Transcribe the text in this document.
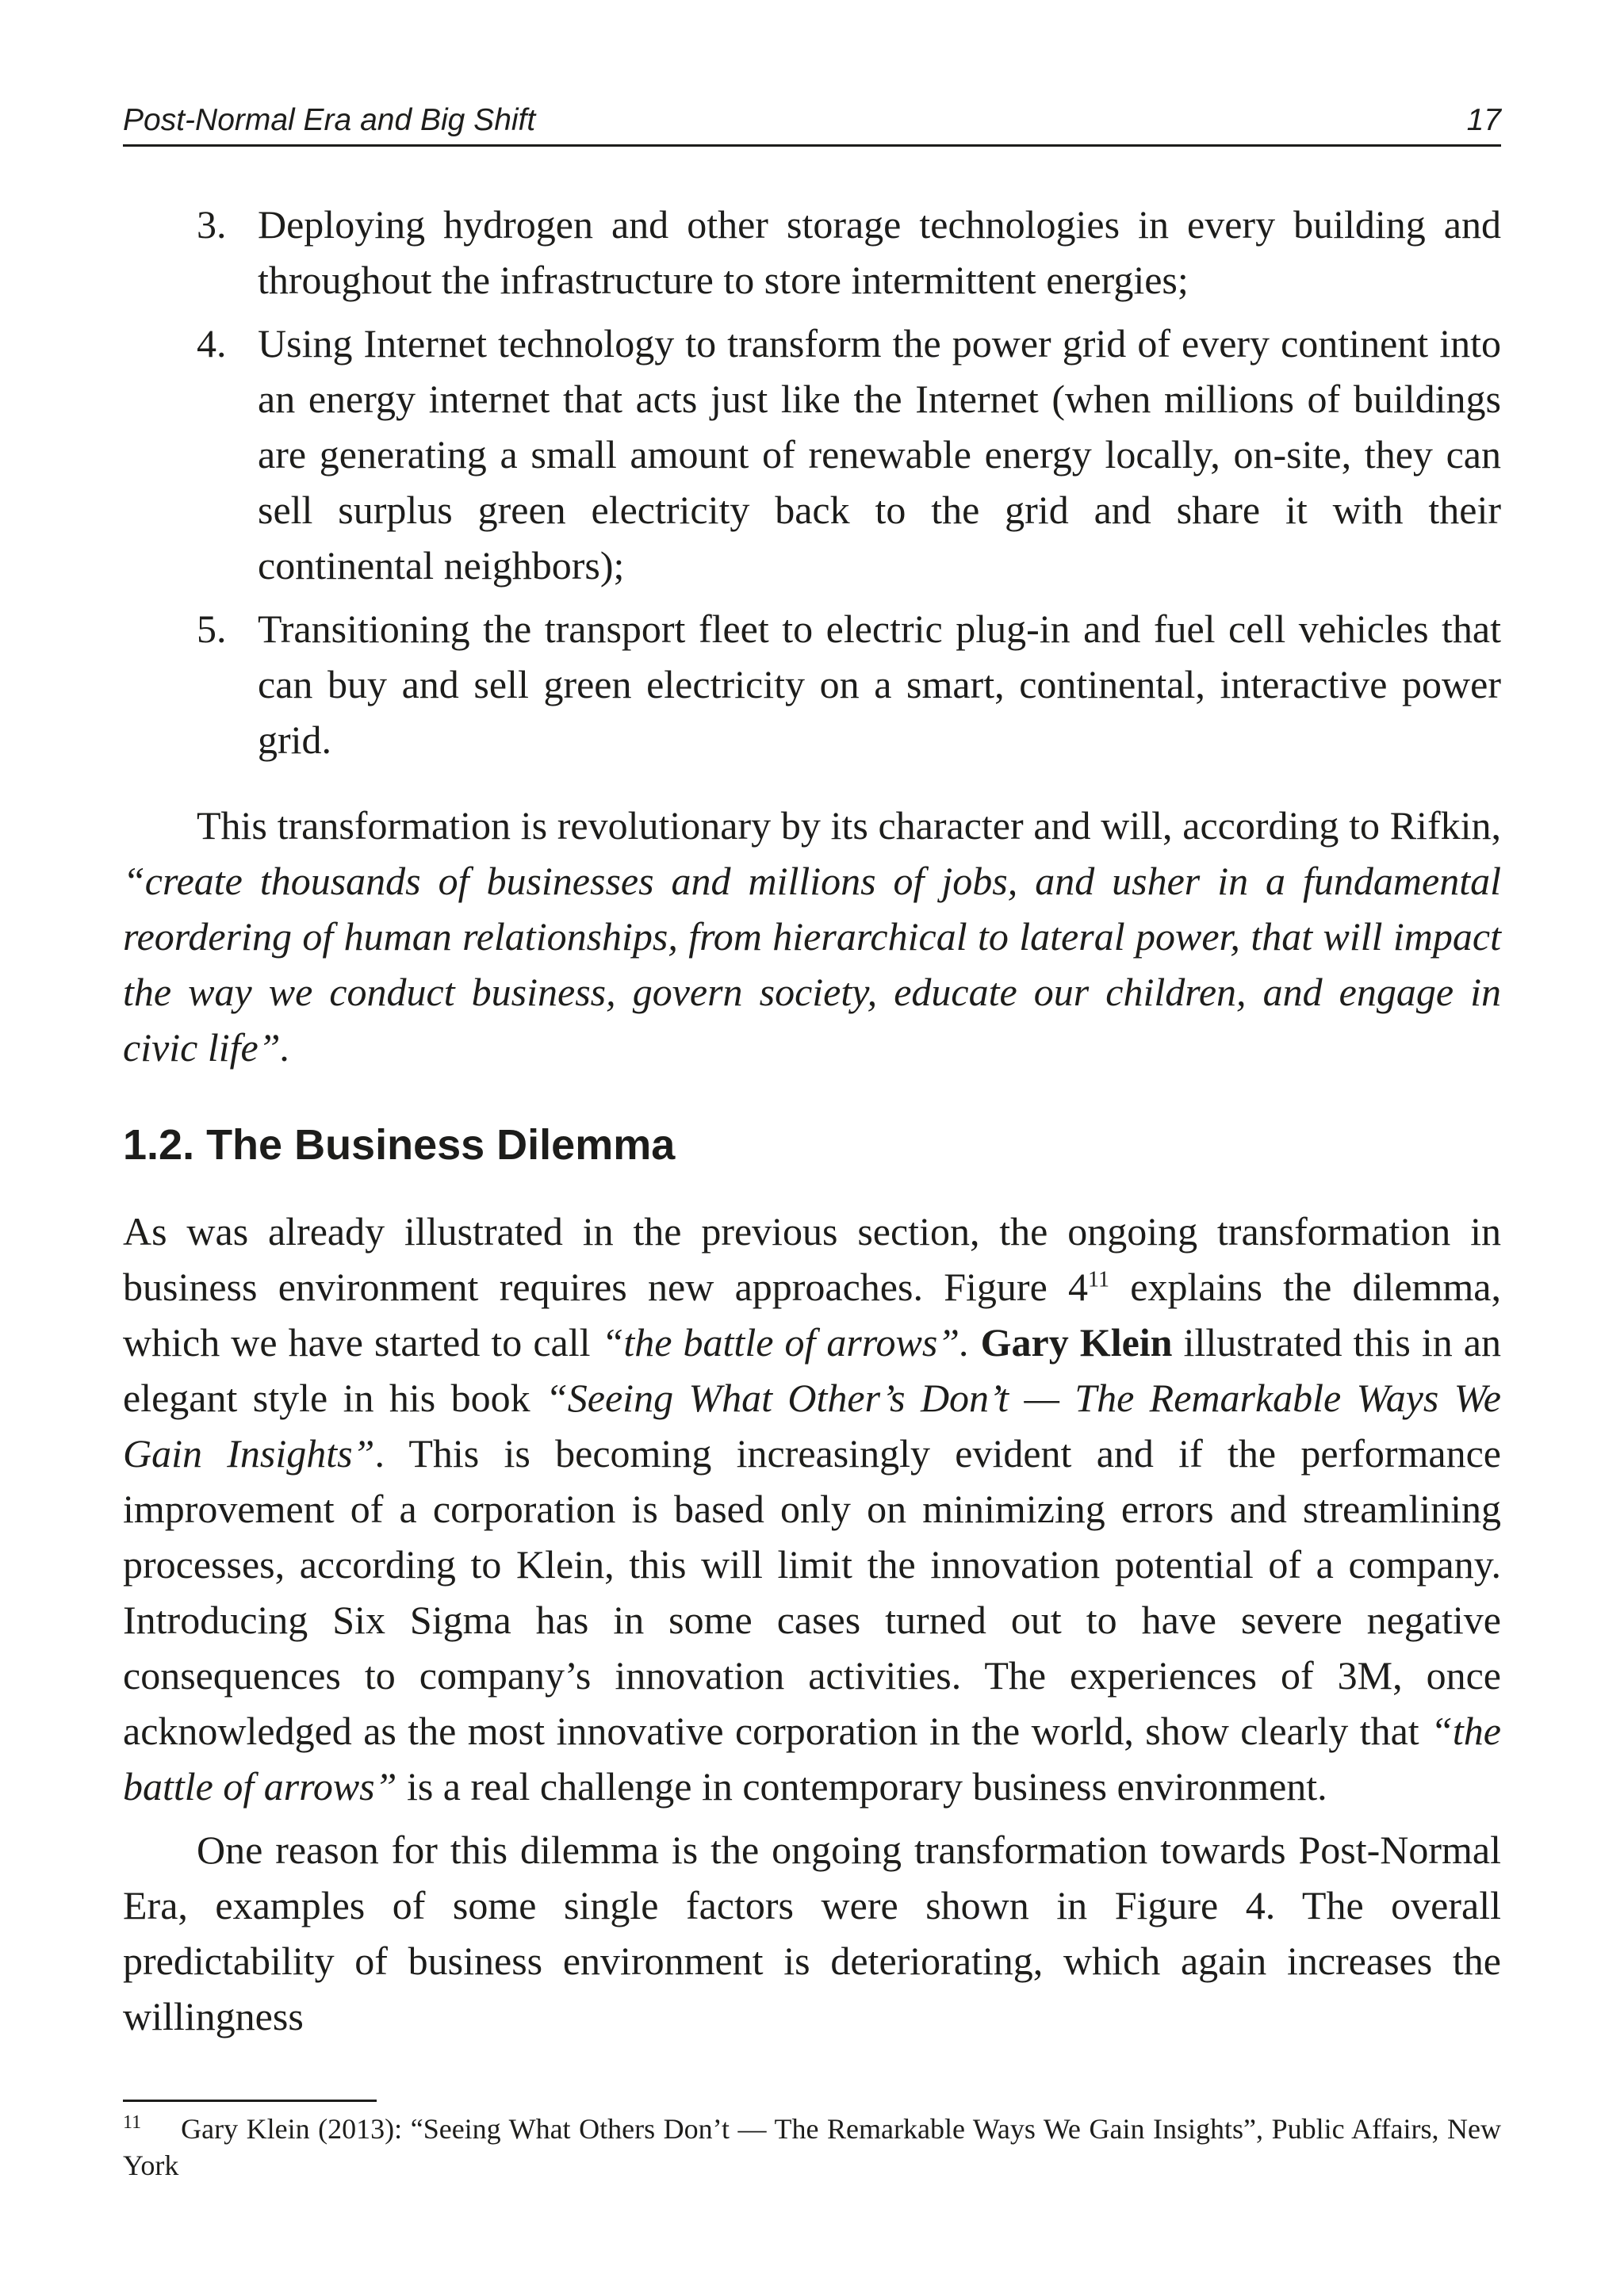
Post-Normal Era and Big Shift	17
3. Deploying hydrogen and other storage technologies in every building and throughout the infrastructure to store intermittent energies;
4. Using Internet technology to transform the power grid of every continent into an energy internet that acts just like the Internet (when millions of buildings are generating a small amount of renewable energy locally, on-site, they can sell surplus green electricity back to the grid and share it with their continental neighbors);
5. Transitioning the transport fleet to electric plug-in and fuel cell vehicles that can buy and sell green electricity on a smart, continental, interactive power grid.

This transformation is revolutionary by its character and will, according to Rifkin, “create thousands of businesses and millions of jobs, and usher in a fundamental reordering of human relationships, from hierarchical to lateral power, that will impact the way we conduct business, govern society, educate our children, and engage in civic life”.

1.2. The Business Dilemma

As was already illustrated in the previous section, the ongoing transformation in business environment requires new approaches. Figure $4^{11}$ explains the dilemma, which we have started to call “the battle of arrows”. Gary Klein illustrated this in an elegant style in his book “Seeing What Other’s Don’t — The Remarkable Ways We Gain Insights”. This is becoming increasingly evident and if the performance improvement of a corporation is based only on minimizing errors and streamlining processes, according to Klein, this will limit the innovation potential of a company. Introducing Six Sigma has in some cases turned out to have severe negative consequences to company’s innovation activities. The experiences of 3M, once acknowledged as the most innovative corporation in the world, show clearly that “the battle of arrows” is a real challenge in contemporary business environment.

One reason for this dilemma is the ongoing transformation towards Post-Normal Era, examples of some single factors were shown in Figure 4. The overall predictability of business environment is deteriorating, which again increases the willingness

$^{11}$ Gary Klein (2013): “Seeing What Others Don’t — The Remarkable Ways We Gain Insights”, Public Affairs, New York
